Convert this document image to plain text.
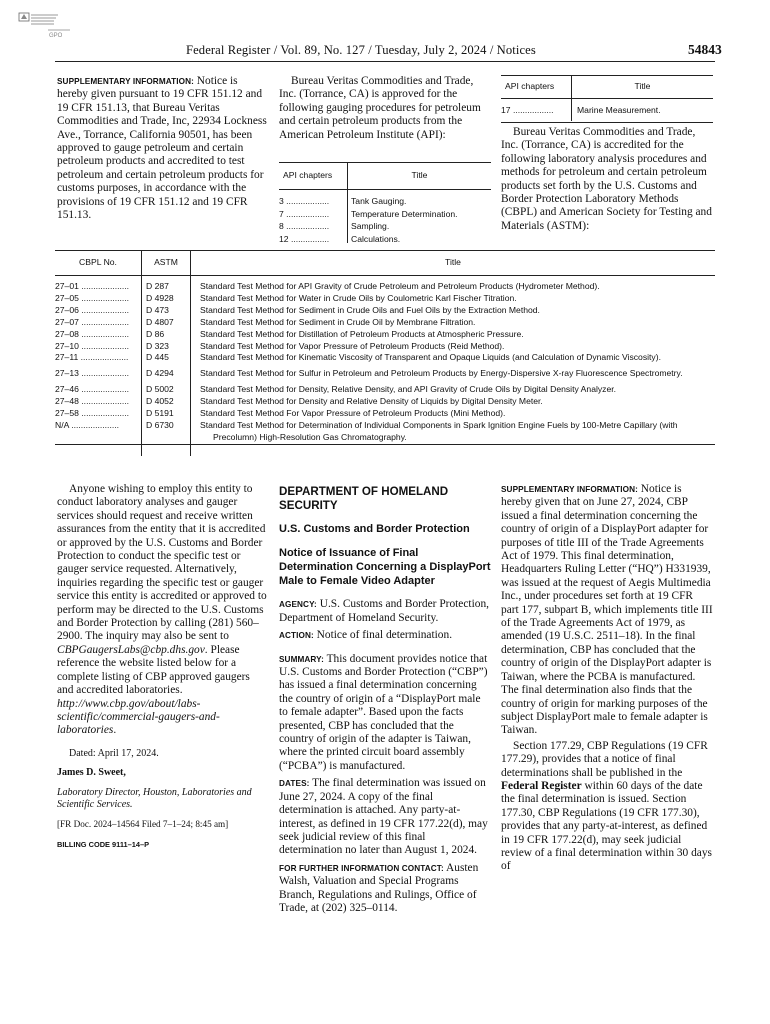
GPO
Federal Register / Vol. 89, No. 127 / Tuesday, July 2, 2024 / Notices	54843

SUPPLEMENTARY INFORMATION: Notice is hereby given pursuant to 19 CFR 151.12 and 19 CFR 151.13, that Bureau Veritas Commodities and Trade, Inc, 22934 Lockness Ave., Torrance, California 90501, has been approved to gauge petroleum and certain petroleum products and accredited to test petroleum and certain petroleum products for customs purposes, in accordance with the provisions of 19 CFR 151.12 and 19 CFR 151.13.

Bureau Veritas Commodities and Trade, Inc. (Torrance, CA) is approved for the following gauging procedures for petroleum and certain petroleum products from the American Petroleum Institute (API):

API chapters	Title
3 ..................	Tank Gauging.
7 ..................	Temperature Determination.
8 ..................	Sampling.
12 ................	Calculations.
API chapters	Title
17 .................	Marine Measurement.

Bureau Veritas Commodities and Trade, Inc. (Torrance, CA) is accredited for the following laboratory analysis procedures and methods for petroleum and certain petroleum products set forth by the U.S. Customs and Border Protection Laboratory Methods (CBPL) and American Society for Testing and Materials (ASTM):

CBPL No.	ASTM	Title
27–01 ....................	D 287	Standard Test Method for API Gravity of Crude Petroleum and Petroleum Products (Hydrometer Method).
27–05 ....................	D 4928	Standard Test Method for Water in Crude Oils by Coulometric Karl Fischer Titration.
27–06 ....................	D 473	Standard Test Method for Sediment in Crude Oils and Fuel Oils by the Extraction Method.
27–07 ....................	D 4807	Standard Test Method for Sediment in Crude Oil by Membrane Filtration.
27–08 ....................	D 86	Standard Test Method for Distillation of Petroleum Products at Atmospheric Pressure.
27–10 ....................	D 323	Standard Test Method for Vapor Pressure of Petroleum Products (Reid Method).
27–11 ....................	D 445	Standard Test Method for Kinematic Viscosity of Transparent and Opaque Liquids (and Calculation of Dynamic Viscosity).
27–13 ....................	D 4294	Standard Test Method for Sulfur in Petroleum and Petroleum Products by Energy-Dispersive X-ray Fluorescence Spectrometry.
27–46 ....................	D 5002	Standard Test Method for Density, Relative Density, and API Gravity of Crude Oils by Digital Density Analyzer.
27–48 ....................	D 4052	Standard Test Method for Density and Relative Density of Liquids by Digital Density Meter.
27–58 ....................	D 5191	Standard Test Method For Vapor Pressure of Petroleum Products (Mini Method).
N/A ....................	D 6730	Standard Test Method for Determination of Individual Components in Spark Ignition Engine Fuels by 100-Metre Capillary (with Precolumn) High-Resolution Gas Chromatography.

Anyone wishing to employ this entity to conduct laboratory analyses and gauger services should request and receive written assurances from the entity that it is accredited or approved by the U.S. Customs and Border Protection to conduct the specific test or gauger service requested. Alternatively, inquiries regarding the specific test or gauger service this entity is accredited or approved to perform may be directed to the U.S. Customs and Border Protection by calling (281) 560–2900. The inquiry may also be sent to CBPGaugersLabs@cbp.dhs.gov. Please reference the website listed below for a complete listing of CBP approved gaugers and accredited laboratories. http://www.cbp.gov/about/labs-scientific/commercial-gaugers-and-laboratories.

Dated: April 17, 2024.

James D. Sweet,

Laboratory Director, Houston, Laboratories and Scientific Services.

[FR Doc. 2024–14564 Filed 7–1–24; 8:45 am]

BILLING CODE 9111–14–P

DEPARTMENT OF HOMELAND SECURITY

U.S. Customs and Border Protection

Notice of Issuance of Final Determination Concerning a DisplayPort Male to Female Video Adapter

AGENCY: U.S. Customs and Border Protection, Department of Homeland Security.

ACTION: Notice of final determination.

SUMMARY: This document provides notice that U.S. Customs and Border Protection (“CBP”) has issued a final determination concerning the country of origin of a “DisplayPort male to female adapter”. Based upon the facts presented, CBP has concluded that the country of origin of the adapter is Taiwan, where the printed circuit board assembly (“PCBA”) is manufactured.

DATES: The final determination was issued on June 27, 2024. A copy of the final determination is attached. Any party-at-interest, as defined in 19 CFR 177.22(d), may seek judicial review of this final determination no later than August 1, 2024.

FOR FURTHER INFORMATION CONTACT: Austen Walsh, Valuation and Special Programs Branch, Regulations and Rulings, Office of Trade, at (202) 325–0114.

SUPPLEMENTARY INFORMATION: Notice is hereby given that on June 27, 2024, CBP issued a final determination concerning the country of origin of a DisplayPort adapter for purposes of title III of the Trade Agreements Act of 1979. This final determination, Headquarters Ruling Letter (“HQ”) H331939, was issued at the request of Aegis Multimedia Inc., under procedures set forth at 19 CFR part 177, subpart B, which implements title III of the Trade Agreements Act of 1979, as amended (19 U.S.C. 2511–18). In the final determination, CBP has concluded that the country of origin of the DisplayPort adapter is Taiwan, where the PCBA is manufactured. The final determination also finds that the country of origin for marking purposes of the subject DisplayPort male to female adapter is Taiwan.

Section 177.29, CBP Regulations (19 CFR 177.29), provides that a notice of final determinations shall be published in the Federal Register within 60 days of the date the final determination is issued. Section 177.30, CBP Regulations (19 CFR 177.30), provides that any party-at-interest, as defined in 19 CFR 177.22(d), may seek judicial review of a final determination within 30 days of
